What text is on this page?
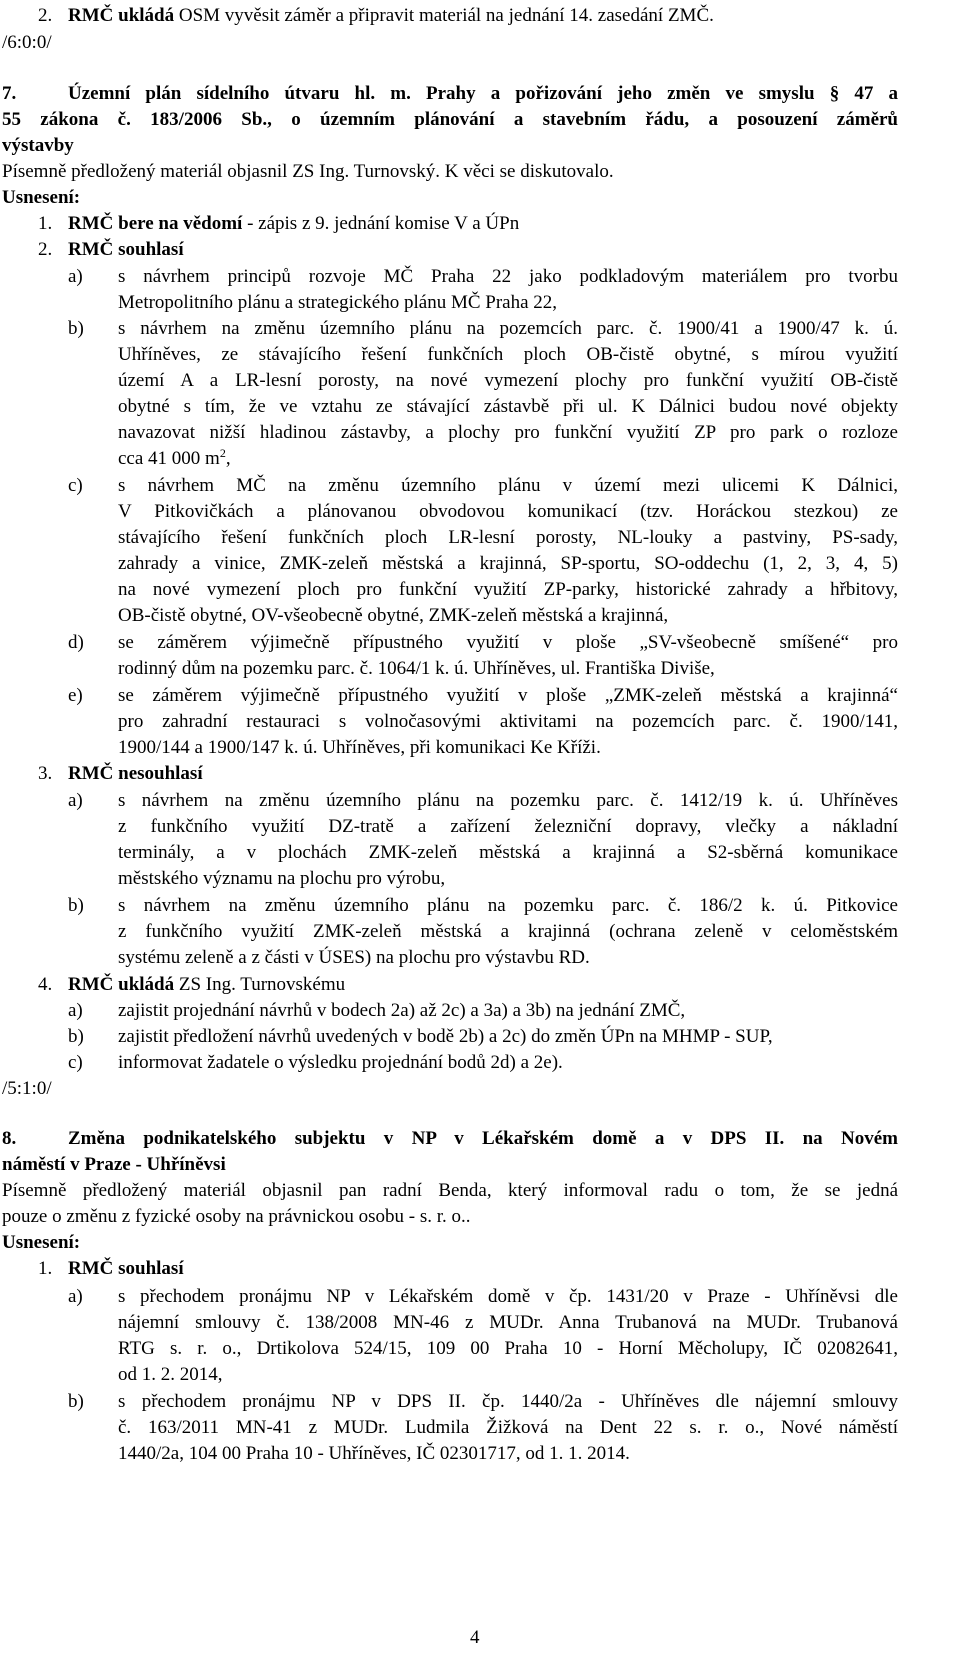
2. RMČ ukládá OSM vyvěsit záměr a připravit materiál na jednání 14. zasedání ZMČ.
/6:0:0/
7.	Územní plán sídelního útvaru hl. m. Prahy a pořizování jeho změn ve smyslu § 47 a
55 zákona č. 183/2006 Sb., o územním plánování a stavebním řádu, a posouzení záměrů
výstavby
Písemně předložený materiál objasnil ZS Ing. Turnovský. K věci se diskutovalo.
Usnesení:
1. RMČ bere na vědomí - zápis z 9. jednání komise V a ÚPn
2. RMČ souhlasí
a) s návrhem principů rozvoje MČ Praha 22 jako podkladovým materiálem pro tvorbu
Metropolitního plánu a strategického plánu MČ Praha 22,
b) s návrhem na změnu územního plánu na pozemcích parc. č. 1900/41 a 1900/47 k. ú.
Uhříněves, ze stávajícího řešení funkčních ploch OB-čistě obytné, s mírou využití
území A a LR-lesní porosty, na nové vymezení plochy pro funkční využití OB-čistě
obytné s tím, že ve vztahu ze stávající zástavbě při ul. K Dálnici budou nové objekty
navazovat nižší hladinou zástavby, a plochy pro funkční využití ZP pro park o rozloze
cca 41 000 $m^2$,
c) s návrhem MČ na změnu územního plánu v území mezi ulicemi K Dálnici,
V Pitkovičkách a plánovanou obvodovou komunikací (tzv. Horáckou stezkou) ze
stávajícího řešení funkčních ploch LR-lesní porosty, NL-louky a pastviny, PS-sady,
zahrady a vinice, ZMK-zeleň městská a krajinná, SP-sportu, SO-oddechu (1, 2, 3, 4, 5)
na nové vymezení ploch pro funkční využití ZP-parky, historické zahrady a hřbitovy,
OB-čistě obytné, OV-všeobecně obytné, ZMK-zeleň městská a krajinná,
d) se záměrem výjimečně přípustného využití v ploše „SV-všeobecně smíšené“ pro
rodinný dům na pozemku parc. č. 1064/1 k. ú. Uhříněves, ul. Františka Diviše,
e) se záměrem výjimečně přípustného využití v ploše „ZMK-zeleň městská a krajinná“
pro zahradní restauraci s volnočasovými aktivitami na pozemcích parc. č. 1900/141,
1900/144 a 1900/147 k. ú. Uhříněves, při komunikaci Ke Kříži.
3. RMČ nesouhlasí
a) s návrhem na změnu územního plánu na pozemku parc. č. 1412/19 k. ú. Uhříněves
z funkčního využití DZ-tratě a zařízení železniční dopravy, vlečky a nákladní
terminály, a v plochách ZMK-zeleň městská a krajinná a S2-sběrná komunikace
městského významu na plochu pro výrobu,
b) s návrhem na změnu územního plánu na pozemku parc. č. 186/2 k. ú. Pitkovice
z funkčního využití ZMK-zeleň městská a krajinná (ochrana zeleně v celoměstském
systému zeleně a z části v ÚSES) na plochu pro výstavbu RD.
4. RMČ ukládá ZS Ing. Turnovskému
a) zajistit projednání návrhů v bodech 2a) až 2c) a 3a) a 3b) na jednání ZMČ,
b) zajistit předložení návrhů uvedených v bodě 2b) a 2c) do změn ÚPn na MHMP - SUP,
c) informovat žadatele o výsledku projednání bodů 2d) a 2e).
/5:1:0/
8.	Změna podnikatelského subjektu v NP v Lékařském domě a v DPS II. na Novém
náměstí v Praze - Uhříněvsi
Písemně předložený materiál objasnil pan radní Benda, který informoval radu o tom, že se jedná
pouze o změnu z fyzické osoby na právnickou osobu - s. r. o..
Usnesení:
1. RMČ souhlasí
a) s přechodem pronájmu NP v Lékařském domě v čp. 1431/20 v Praze - Uhříněvsi dle
nájemní smlouvy č. 138/2008 MN-46 z MUDr. Anna Trubanová na MUDr. Trubanová
RTG s. r. o., Drtikolova 524/15, 109 00 Praha 10 - Horní Měcholupy, IČ 02082641,
od 1. 2. 2014,
b) s přechodem pronájmu NP v DPS II. čp. 1440/2a - Uhříněves dle nájemní smlouvy
č. 163/2011 MN-41 z MUDr. Ludmila Žižková na Dent 22 s. r. o., Nové náměstí
1440/2a, 104 00 Praha 10 - Uhříněves, IČ 02301717, od 1. 1. 2014.
4
